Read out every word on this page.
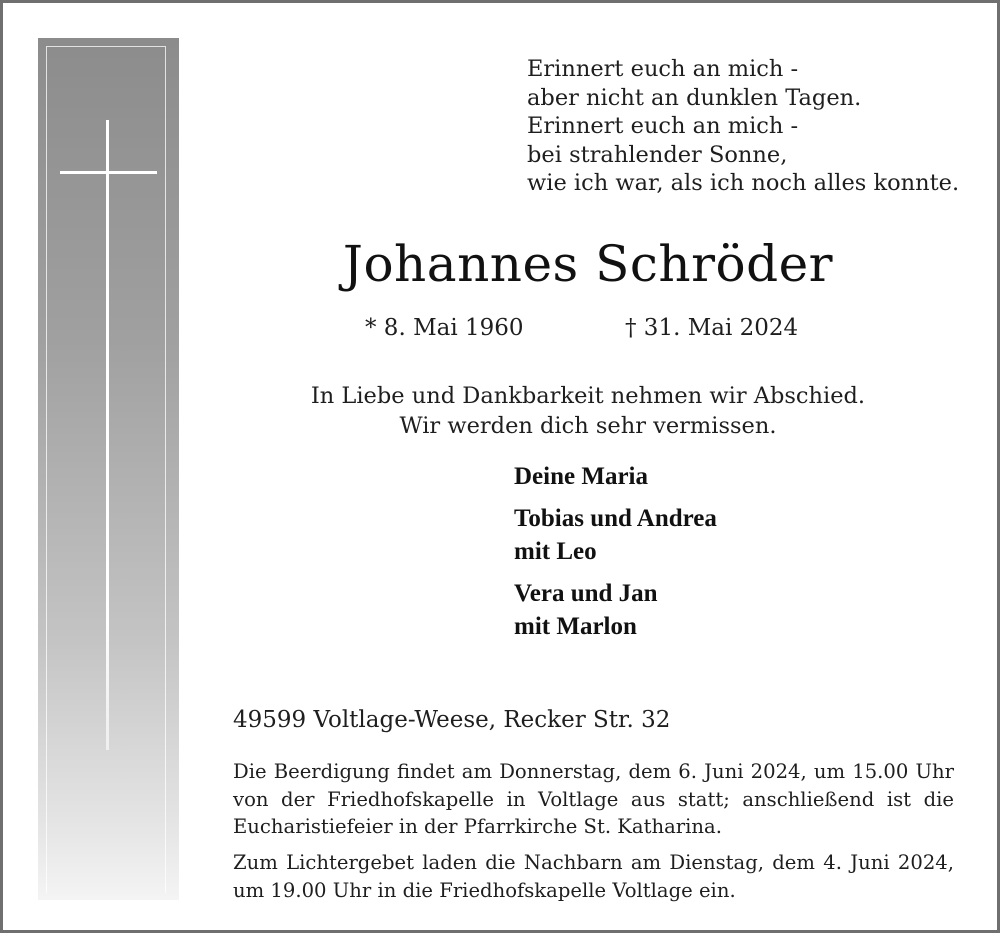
Erinnert euch an mich -
aber nicht an dunklen Tagen.
Erinnert euch an mich -
bei strahlender Sonne,
wie ich war, als ich noch alles konnte.
Johannes Schröder
* 8. Mai 1960	† 31. Mai 2024
In Liebe und Dankbarkeit nehmen wir Abschied.
Wir werden dich sehr vermissen.
Deine Maria
Tobias und Andrea
mit Leo
Vera und Jan
mit Marlon
49599 Voltlage-Weese, Recker Str. 32
Die Beerdigung findet am Donnerstag, dem 6. Juni 2024, um 15.00 Uhr von der Friedhofskapelle in Voltlage aus statt; anschließend ist die Eucharistiefeier in der Pfarrkirche St. Katharina.
Zum Lichtergebet laden die Nachbarn am Dienstag, dem 4. Juni 2024, um 19.00 Uhr in die Friedhofskapelle Voltlage ein.
